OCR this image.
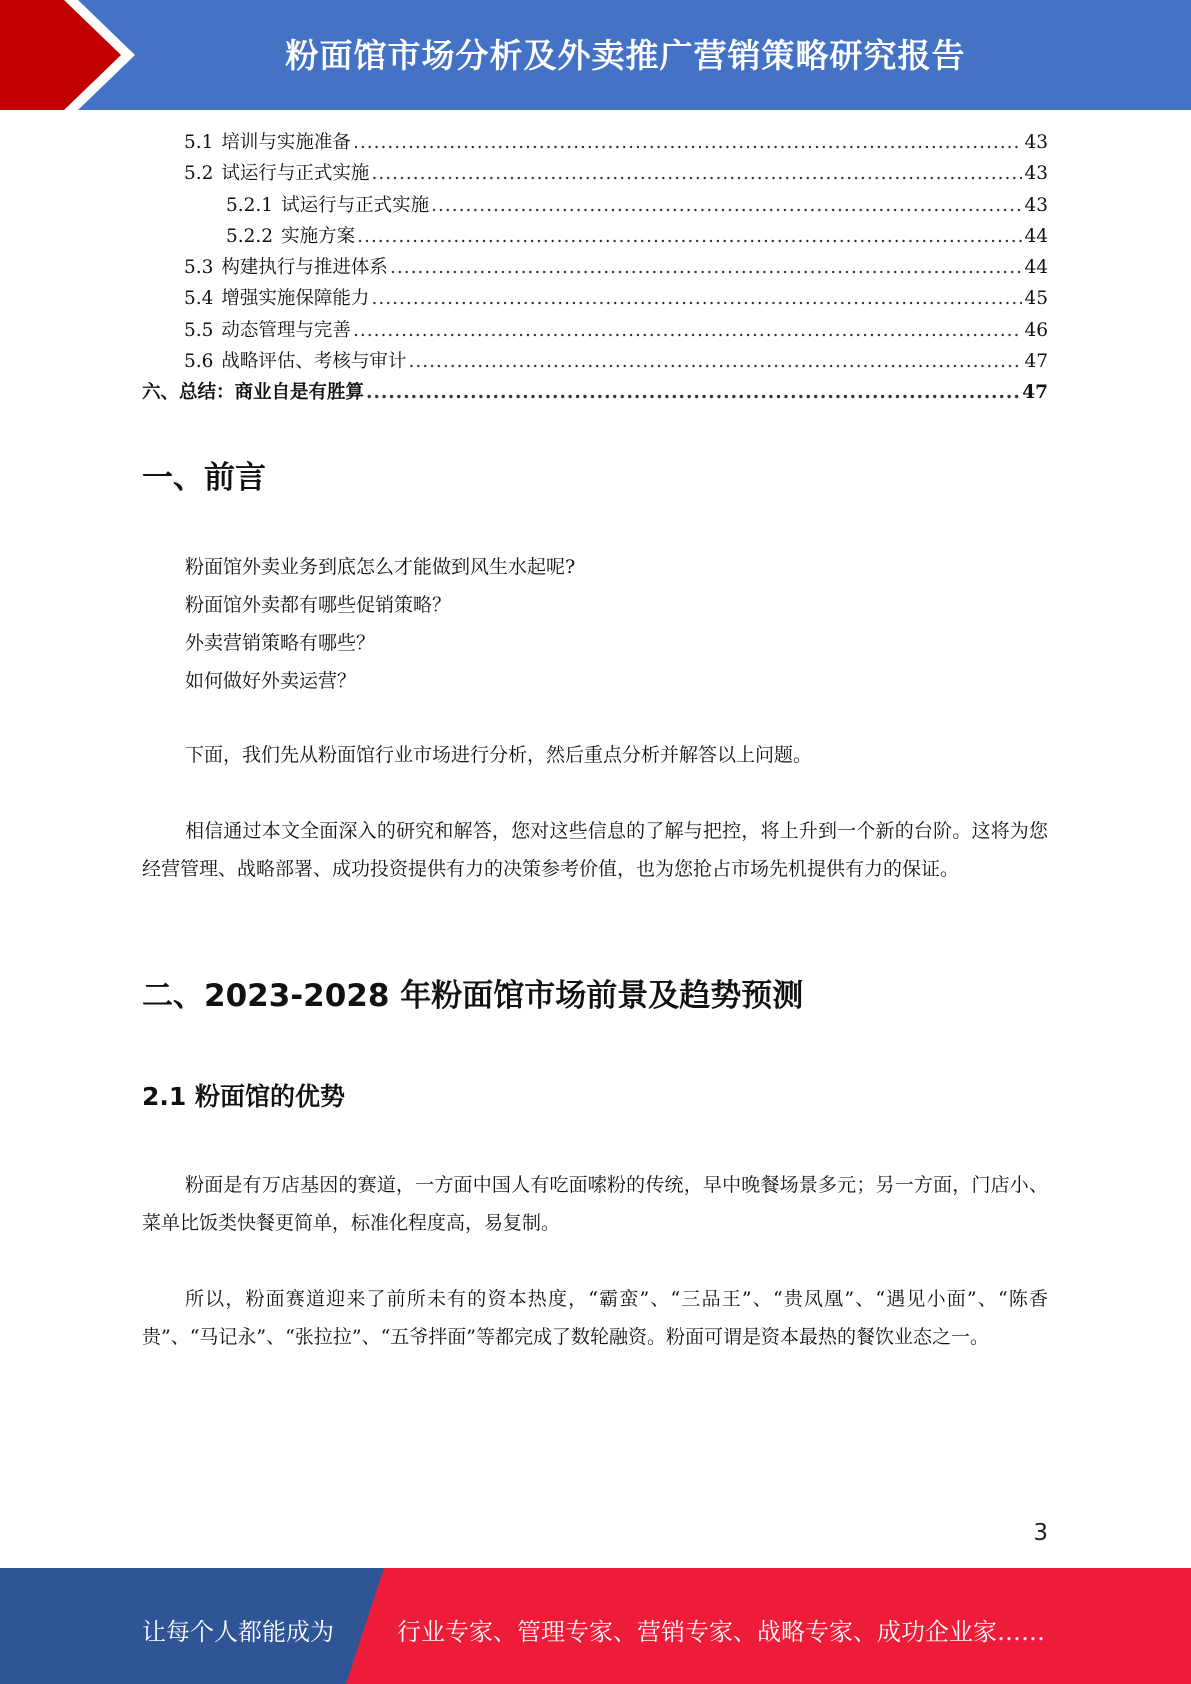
粉面馆市场分析及外卖推广营销策略研究报告
5.1 培训与实施准备 .....	43
5.2 试运行与正式实施 .....	43
5.2.1 试运行与正式实施 .....	43
5.2.2 实施方案 .....	44
5.3 构建执行与推进体系 .....	44
5.4 增强实施保障能力 .....	45
5.5 动态管理与完善 .....	46
5.6 战略评估、考核与审计 .....	47
六、总结：商业自是有胜算 .....	47
一、前言
粉面馆外卖业务到底怎么才能做到风生水起呢?
粉面馆外卖都有哪些促销策略？
外卖营销策略有哪些？
如何做好外卖运营？

下面，我们先从粉面馆行业市场进行分析，然后重点分析并解答以上问题。

相信通过本文全面深入的研究和解答，您对这些信息的了解与把控，将上升到一个新的台阶。这将为您经营管理、战略部署、成功投资提供有力的决策参考价值，也为您抢占市场先机提供有力的保证。

二、2023-2028 年粉面馆市场前景及趋势预测
2.1 粉面馆的优势

粉面是有万店基因的赛道，一方面中国人有吃面嗦粉的传统，早中晚餐场景多元；另一方面，门店小、菜单比饭类快餐更简单，标准化程度高，易复制。

所以，粉面赛道迎来了前所未有的资本热度，“霸蛮”、“三品王”、“贵凤凰”、“遇见小面”、“陈香贵”、“马记永”、“张拉拉”、“五爷拌面”等都完成了数轮融资。粉面可谓是资本最热的餐饮业态之一。

3
让每个人都能成为	行业专家、管理专家、营销专家、战略专家、成功企业家……
